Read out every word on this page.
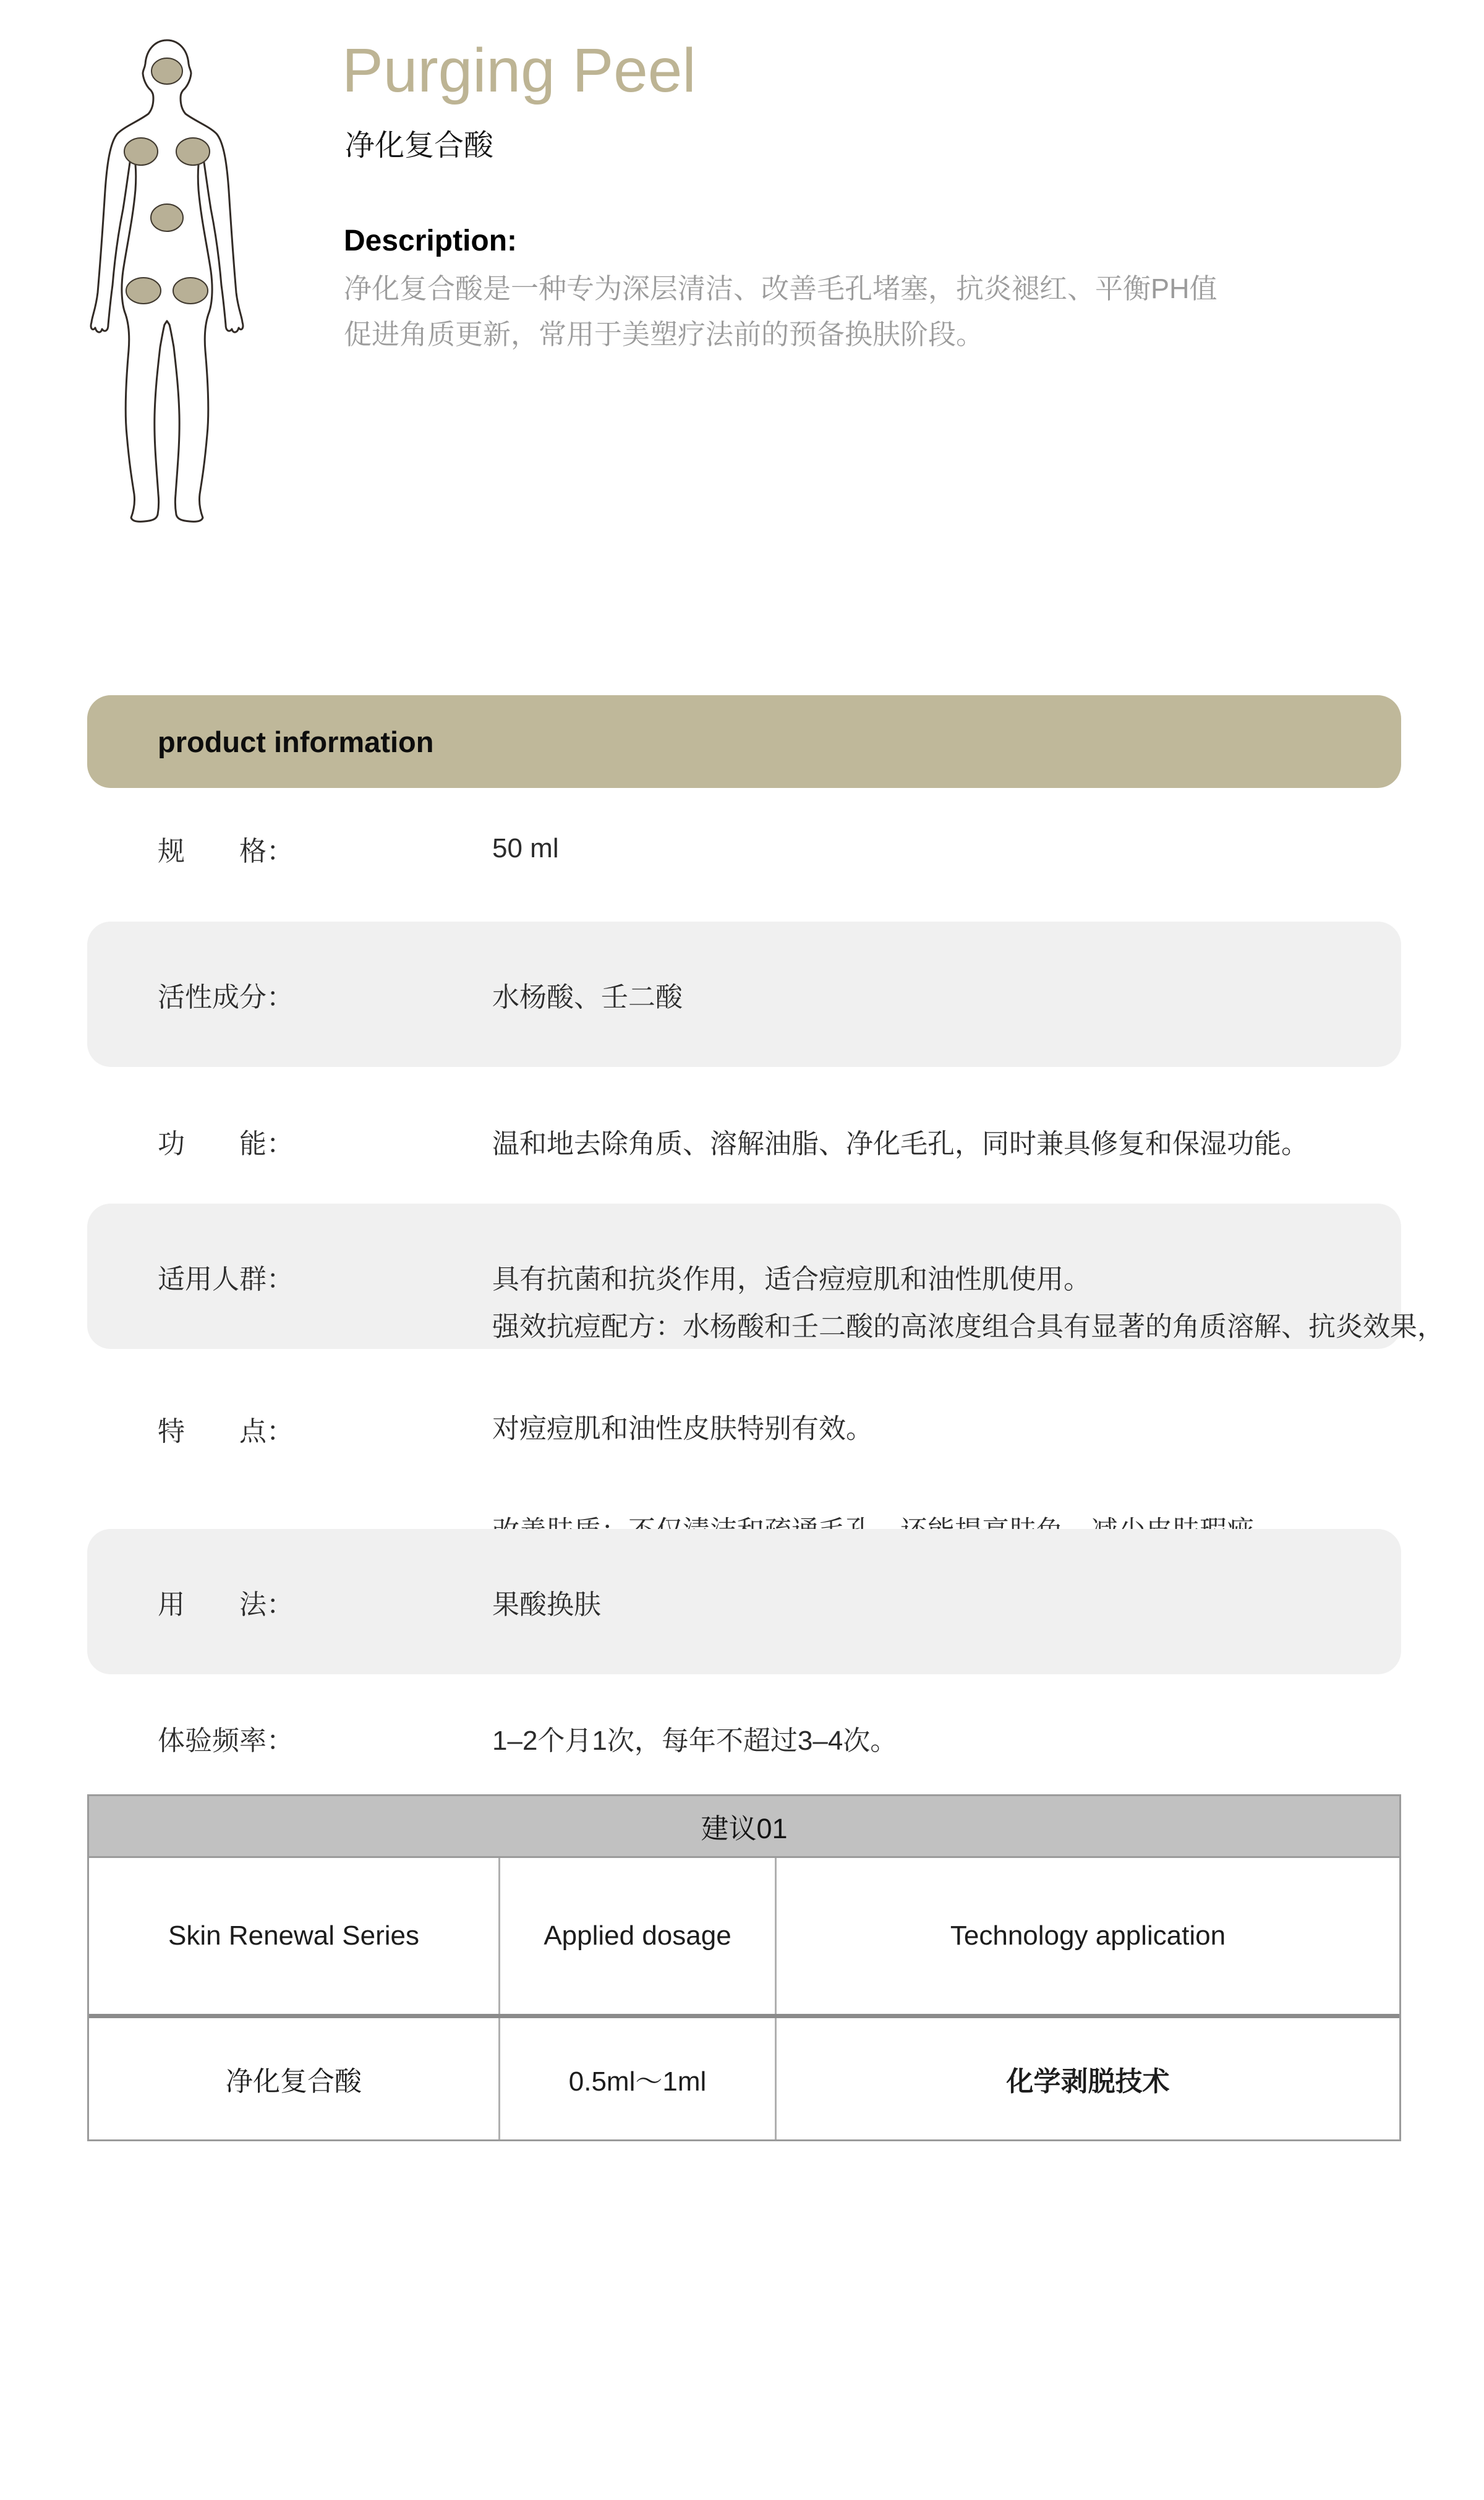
Purging Peel
净化复合酸
Description:
净化复合酸是一种专为深层清洁、改善毛孔堵塞，抗炎褪红、平衡PH值
促进角质更新，常用于美塑疗法前的预备换肤阶段。
product information
规　　格：	50 ml
活性成分：	水杨酸、壬二酸
功　　能：	温和地去除角质、溶解油脂、净化毛孔，同时兼具修复和保湿功能。
适用人群：	具有抗菌和抗炎作用，适合痘痘肌和油性肌使用。
特　　点：

强效抗痘配方：水杨酸和壬二酸的高浓度组合具有显著的角质溶解、抗炎效果，

对痘痘肌和油性皮肤特别有效。

用　　法：	果酸换肤
体验频率：	1–2个月1次，每年不超过3–4次。
建议01
Skin Renewal Series	Applied dosage	Technology application
净化复合酸	0.5ml～1ml	化学剥脱技术
